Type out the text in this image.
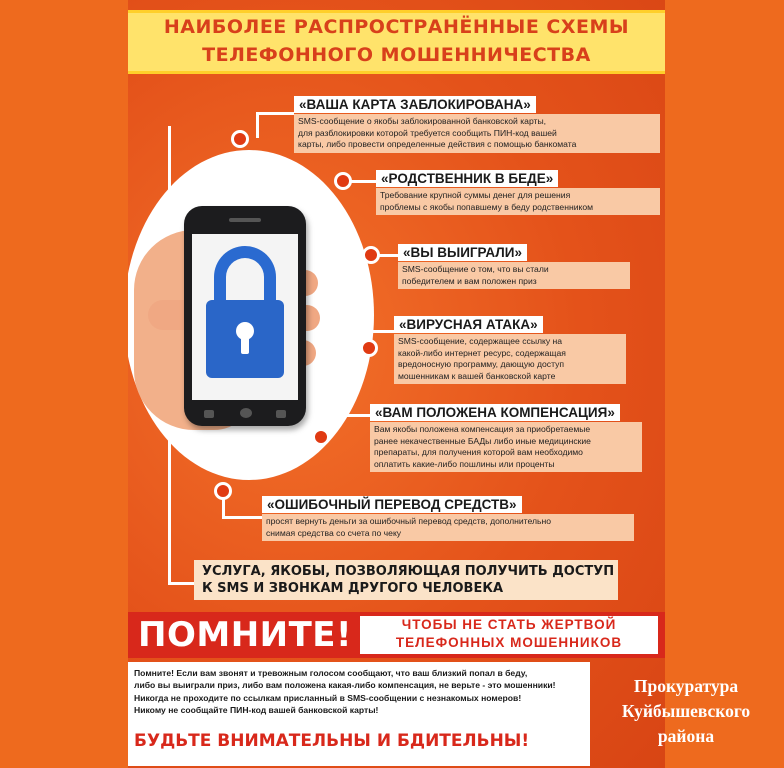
НАИБОЛЕЕ РАСПРОСТРАНЁННЫЕ СХЕМЫ
ТЕЛЕФОННОГО МОШЕННИЧЕСТВА
«ВАША КАРТА ЗАБЛОКИРОВАНА»
SMS-сообщение о якобы заблокированной банковской карты,
для разблокировки которой требуется сообщить ПИН-код вашей
карты, либо провести определенные действия с помощью банкомата
«РОДСТВЕННИК В БЕДЕ»
Требование крупной суммы денег для решения
проблемы с якобы попавшему в беду родственником
«ВЫ ВЫИГРАЛИ»
SMS-сообщение о том, что вы стали
победителем и вам положен приз
«ВИРУСНАЯ АТАКА»
SMS-сообщение, содержащее ссылку на
какой-либо интернет ресурс, содержащая
вредоносную программу, дающую доступ
мошенникам к вашей банковской карте
«ВАМ ПОЛОЖЕНА КОМПЕНСАЦИЯ»
Вам якобы положена компенсация за приобретаемые
ранее некачественные БАДы либо иные медицинские
препараты, для получения которой вам необходимо
оплатить какие-либо пошлины или проценты
«ОШИБОЧНЫЙ ПЕРЕВОД СРЕДСТВ»
просят вернуть деньги за ошибочный перевод средств, дополнительно
снимая средства со счета по чеку
УСЛУГА, ЯКОБЫ, ПОЗВОЛЯЮЩАЯ ПОЛУЧИТЬ ДОСТУП
К SMS И ЗВОНКАМ ДРУГОГО ЧЕЛОВЕКА
ПОМНИТЕ!	ЧТОБЫ НЕ СТАТЬ ЖЕРТВОЙ
ТЕЛЕФОННЫХ МОШЕННИКОВ
Помните! Если вам звонят и тревожным голосом сообщают, что ваш близкий попал в беду,
либо вы выиграли приз, либо вам положена какая-либо компенсация, не верьте - это мошенники!
Никогда не проходите по ссылкам присланный в SMS-сообщении с незнакомых номеров!
Никому не сообщайте ПИН-код вашей банковской карты!
БУДЬТЕ ВНИМАТЕЛЬНЫ И БДИТЕЛЬНЫ!
Прокуратура
Куйбышевского
района
